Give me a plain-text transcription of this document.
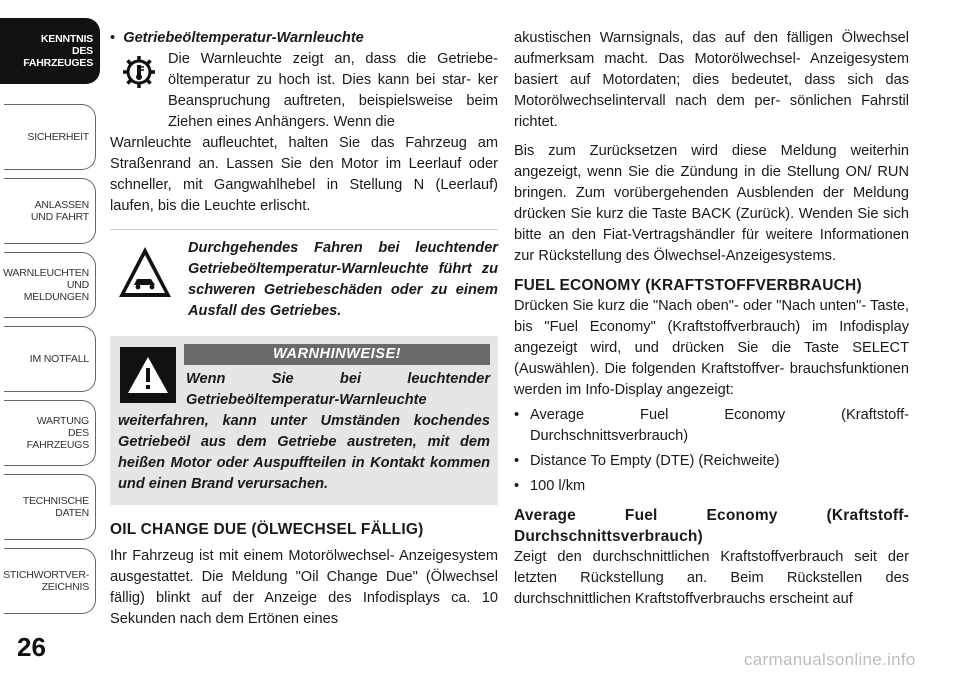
KENNTNIS
DES
FAHRZEUGES
SICHERHEIT
ANLASSEN
UND FAHRT
WARNLEUCHTEN
UND
MELDUNGEN
IM NOTFALL
WARTUNG
DES
FAHRZEUGS
TECHNISCHE
DATEN
STICHWORTVER-
ZEICHNIS
26
•  Getriebeöltemperatur-Warnleuchte
Die Warnleuchte zeigt an, dass die Getriebe- öltemperatur zu hoch ist. Dies kann bei star- ker Beanspruchung auftreten, beispielsweise beim Ziehen eines Anhängers. Wenn die

Warnleuchte aufleuchtet, halten Sie das Fahrzeug am Straßenrand an. Lassen Sie den Motor im Leerlauf oder schneller, mit Gangwahlhebel in Stellung N (Leerlauf) laufen, bis die Leuchte erlischt.

Durchgehendes Fahren bei leuchtender Getriebeöltemperatur-Warnleuchte führt zu schweren Getriebeschäden oder zu einem Ausfall des Getriebes.
WARNHINWEISE!
Wenn Sie bei leuchtender Getriebeöltemperatur-Warnleuchte weiterfahren, kann unter Umständen kochendes Getriebeöl aus dem Getriebe austreten, mit dem heißen Motor oder Auspuffteilen in Kontakt kommen und einen Brand verursachen.
OIL CHANGE DUE (ÖLWECHSEL FÄLLIG)

Ihr Fahrzeug ist mit einem Motorölwechsel- Anzeigesystem ausgestattet. Die Meldung "Oil Change Due" (Ölwechsel fällig) blinkt auf der Anzeige des Infodisplays ca. 10 Sekunden nach dem Ertönen eines

akustischen Warnsignals, das auf den fälligen Ölwechsel aufmerksam macht. Das Motorölwechsel- Anzeigesystem basiert auf Motordaten; dies bedeutet, dass sich das Motorölwechselintervall nach dem per- sönlichen Fahrstil richtet.

Bis zum Zurücksetzen wird diese Meldung weiterhin angezeigt, wenn Sie die Zündung in die Stellung ON/ RUN bringen. Zum vorübergehenden Ausblenden der Meldung drücken Sie kurz die Taste BACK (Zurück). Wenden Sie sich bitte an den Fiat-Vertragshändler für weitere Informationen zur Rückstellung des Ölwechsel-Anzeigesystems.

FUEL ECONOMY (KRAFTSTOFFVERBRAUCH)

Drücken Sie kurz die "Nach oben"- oder "Nach unten"- Taste, bis "Fuel Economy" (Kraftstoffverbrauch) im Infodisplay angezeigt wird, und drücken Sie die Taste SELECT (Auswählen). Die folgenden Kraftstoffver- brauchsfunktionen werden im Info-Display angezeigt:

• Average Fuel Economy (Kraftstoff- Durchschnittsverbrauch)
• Distance To Empty (DTE) (Reichweite)
• 100 l/km
Average Fuel Economy (Kraftstoff- Durchschnittsverbrauch)

Zeigt den durchschnittlichen Kraftstoffverbrauch seit der letzten Rückstellung an. Beim Rückstellen des durchschnittlichen Kraftstoffverbrauchs erscheint auf

carmanualsonline.info
